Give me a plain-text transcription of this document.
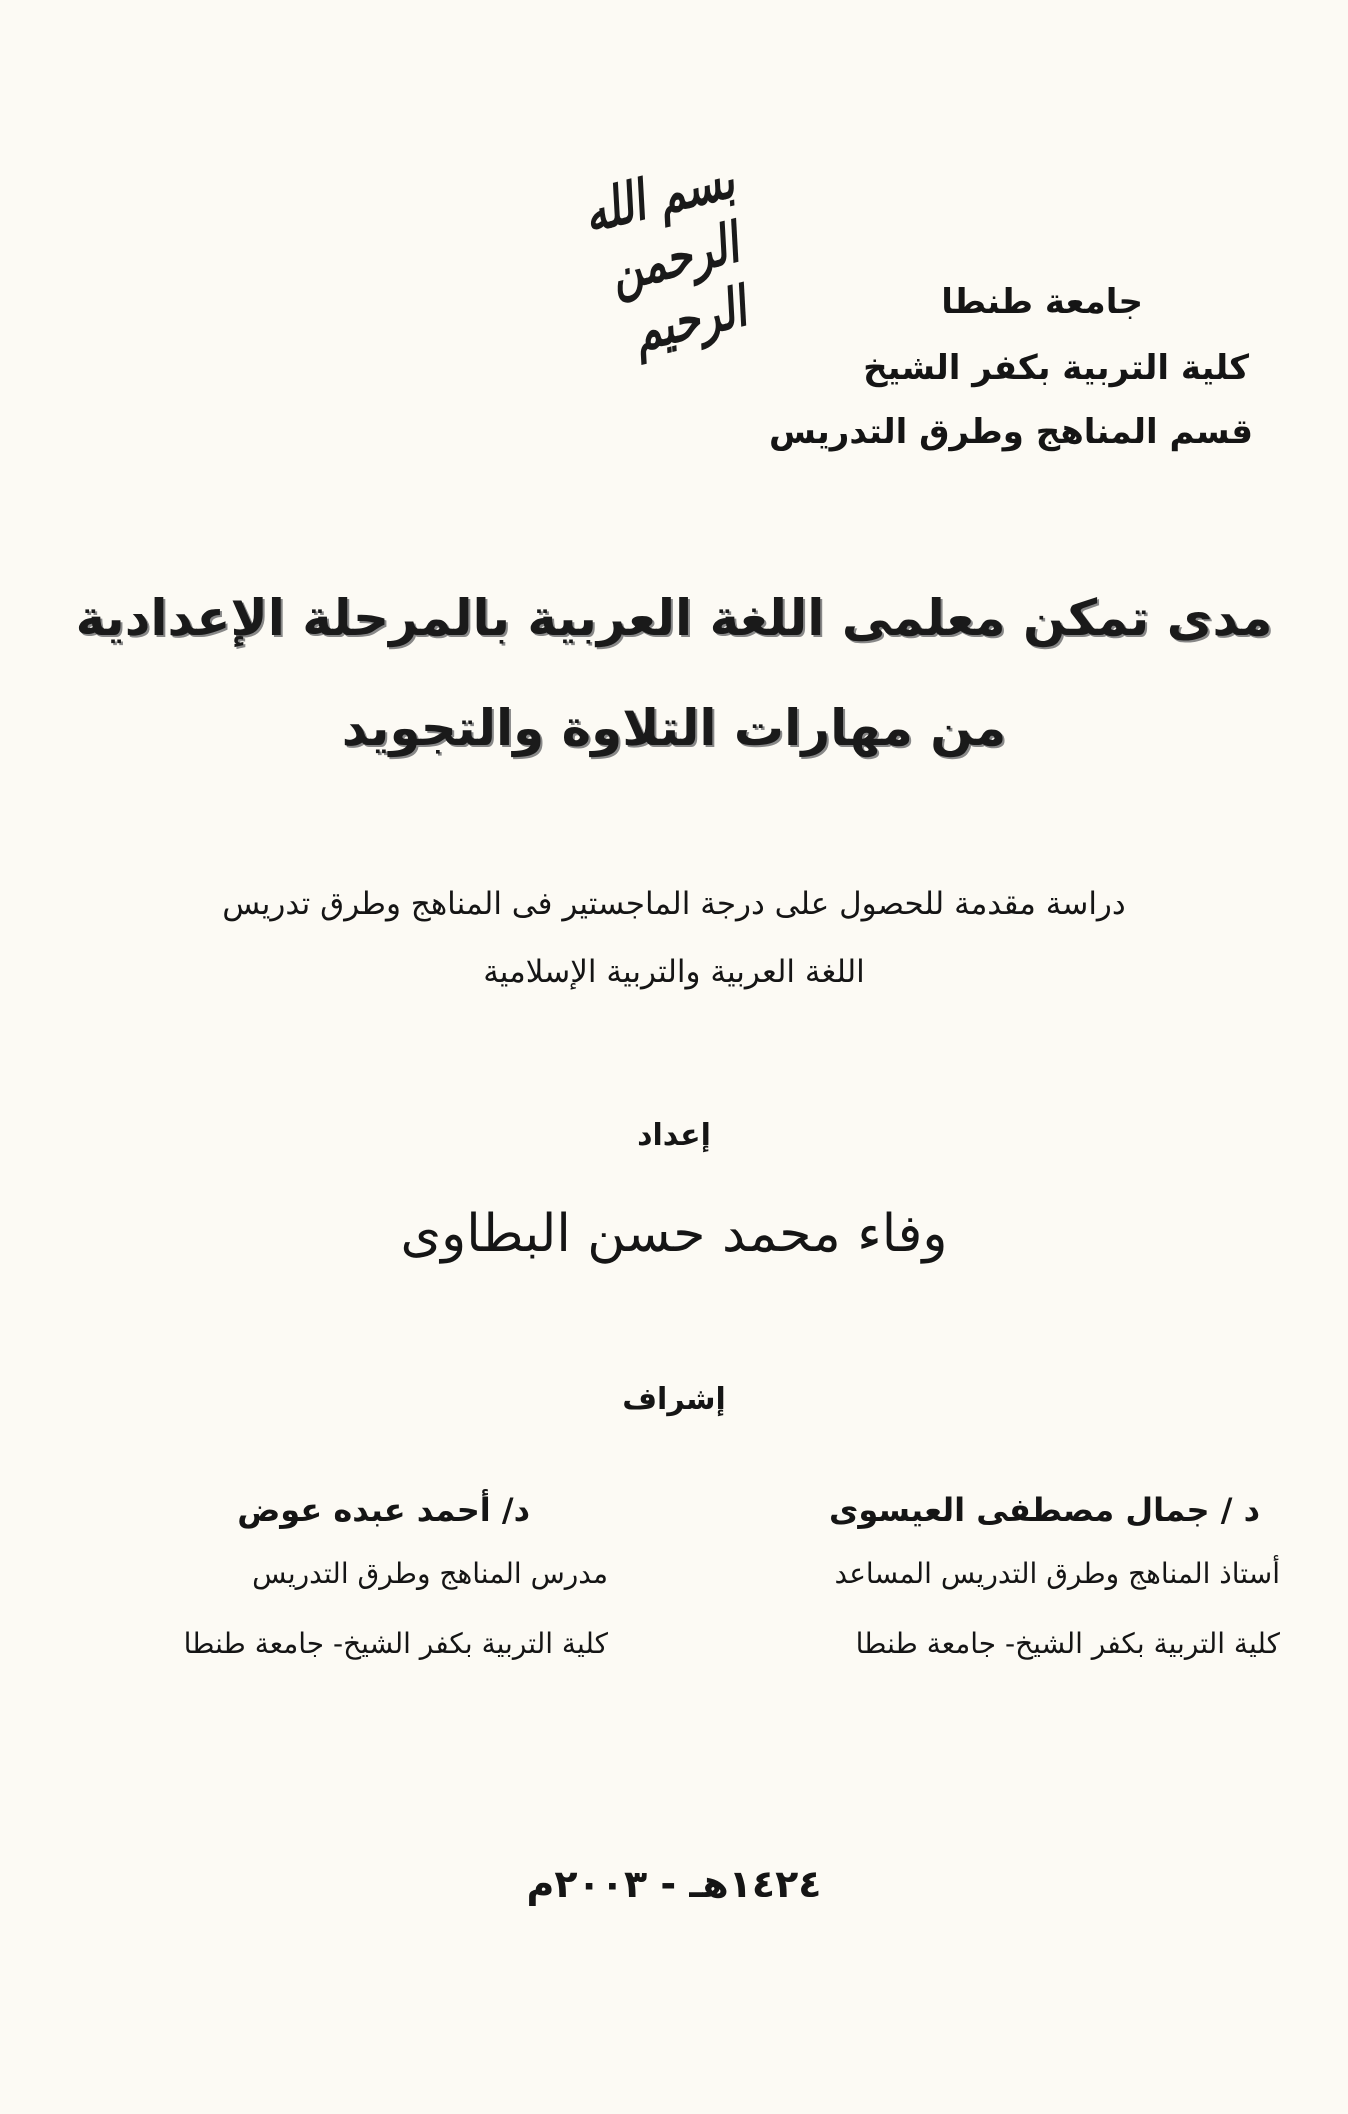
بسم الله الرحمن الرحيم	جامعة طنطا
كلية التربية بكفر الشيخ
قسم المناهج وطرق التدريس
مدى تمكن معلمى اللغة العربية بالمرحلة الإعدادية
من مهارات التلاوة والتجويد
دراسة مقدمة للحصول على درجة الماجستير فى المناهج وطرق تدريس
اللغة العربية والتربية الإسلامية
إعداد
وفاء محمد حسن البطاوى
إشراف
د / جمال مصطفى العيسوى
أستاذ المناهج وطرق التدريس المساعد
كلية التربية بكفر الشيخ- جامعة طنطا
د/ أحمد عبده عوض
مدرس المناهج وطرق التدريس
كلية التربية بكفر الشيخ- جامعة طنطا
١٤٢٤هـ - ٢٠٠٣م
